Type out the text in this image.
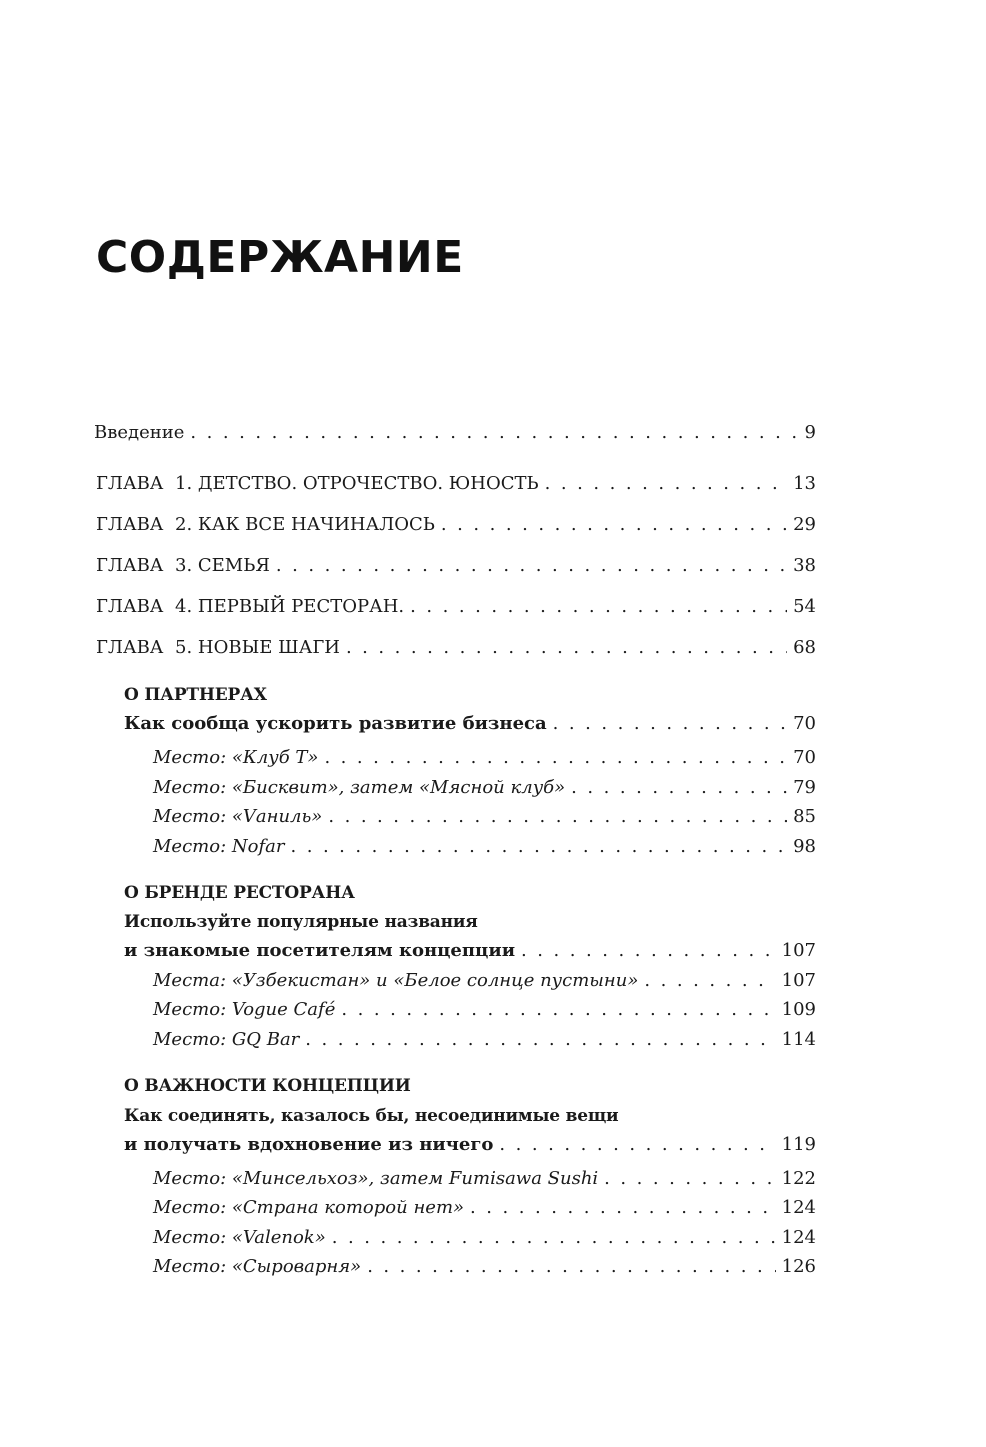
СОДЕРЖАНИЕ
Введение . . .	9
ГЛАВА 1. ДЕТСТВО. ОТРОЧЕСТВО. ЮНОСТЬ . . .	13
ГЛАВА 2. КАК ВСЕ НАЧИНАЛОСЬ . . .	29
ГЛАВА 3. СЕМЬЯ . . .	38
ГЛАВА 4. ПЕРВЫЙ РЕСТОРАН. . . .	54
ГЛАВА 5. НОВЫЕ ШАГИ . . .	68
О ПАРТНЕРАХ
Как сообща ускорить развитие бизнеса . . .	70
Место: «Клуб Т» . . .	70
Место: «Бисквит», затем «Мясной клуб» . . .	79
Место: «Vаниль» . . .	85
Место: Nofar . . .	98
О БРЕНДЕ РЕСТОРАНА
Используйте популярные названия
и знакомые посетителям концепции . . .	107
Места: «Узбекистан» и «Белое солнце пустыни» . . .	107
Место: Vogue Café . . .	109
Место: GQ Bar . . .	114
О ВАЖНОСТИ КОНЦЕПЦИИ
Как соединять, казалось бы, несоединимые вещи
и получать вдохновение из ничего . . .	119
Место: «Минсельхоз», затем Fumisawa Sushi . . .	122
Место: «Страна которой нет» . . .	124
Место: «Valenok» . . .	124
Место: «Сыроварня» . . .	126
